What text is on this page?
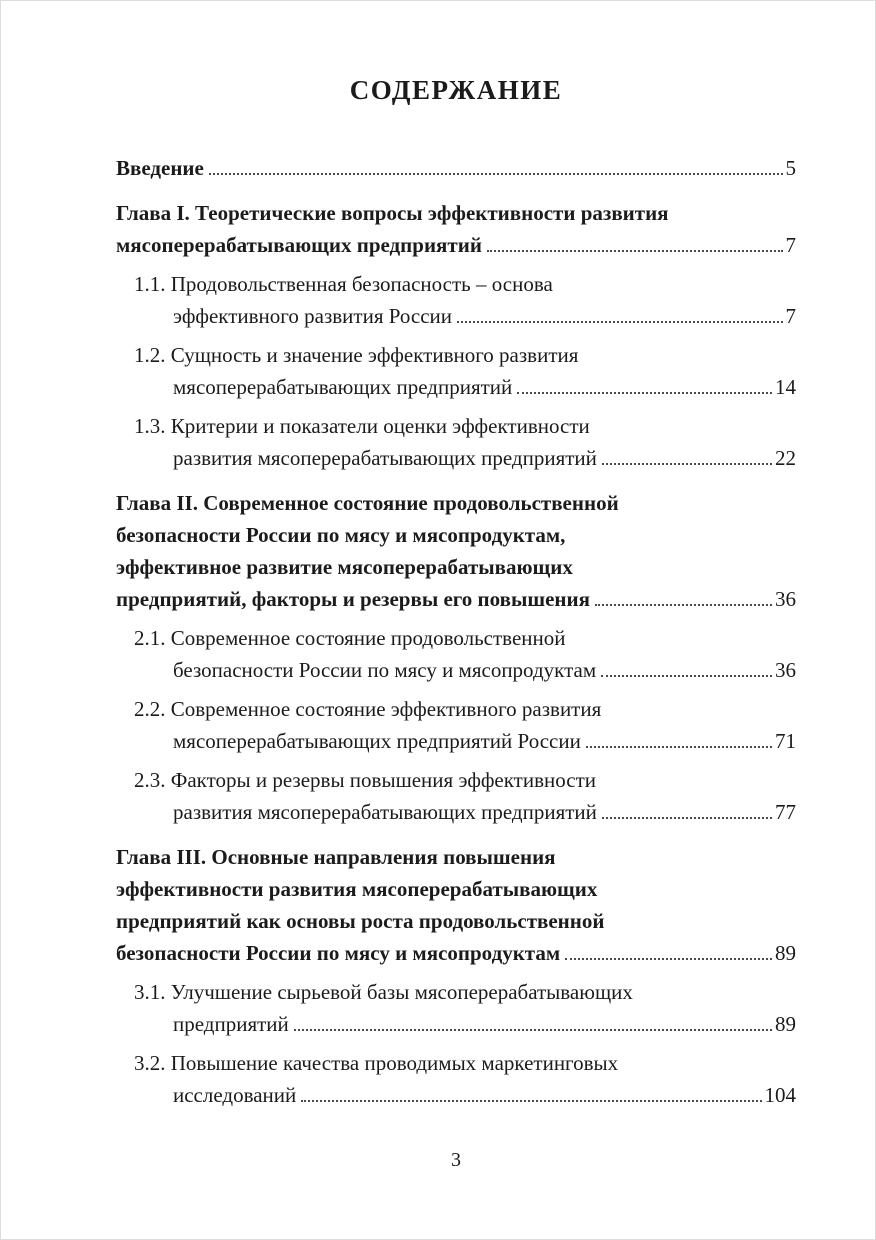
СОДЕРЖАНИЕ
Введение	5
Глава I. Теоретические вопросы эффективности развития
мясоперерабатывающих предприятий	7
1.1. Продовольственная безопасность – основа
эффективного развития России	7
1.2. Сущность и значение эффективного развития
мясоперерабатывающих предприятий	14
1.3. Критерии и показатели оценки эффективности
развития мясоперерабатывающих предприятий	22
Глава II. Современное состояние продовольственной
безопасности России по мясу и мясопродуктам,
эффективное развитие мясоперерабатывающих
предприятий, факторы и резервы его повышения	36
2.1. Современное состояние продовольственной
безопасности России по мясу и мясопродуктам	36
2.2. Современное состояние эффективного развития
мясоперерабатывающих предприятий России	71
2.3. Факторы и резервы повышения эффективности
развития мясоперерабатывающих предприятий	77
Глава III. Основные направления повышения
эффективности развития мясоперерабатывающих
предприятий как основы роста продовольственной
безопасности России по мясу и мясопродуктам	89
3.1. Улучшение сырьевой базы мясоперерабатывающих
предприятий	89
3.2. Повышение качества проводимых маркетинговых
исследований	104
3
